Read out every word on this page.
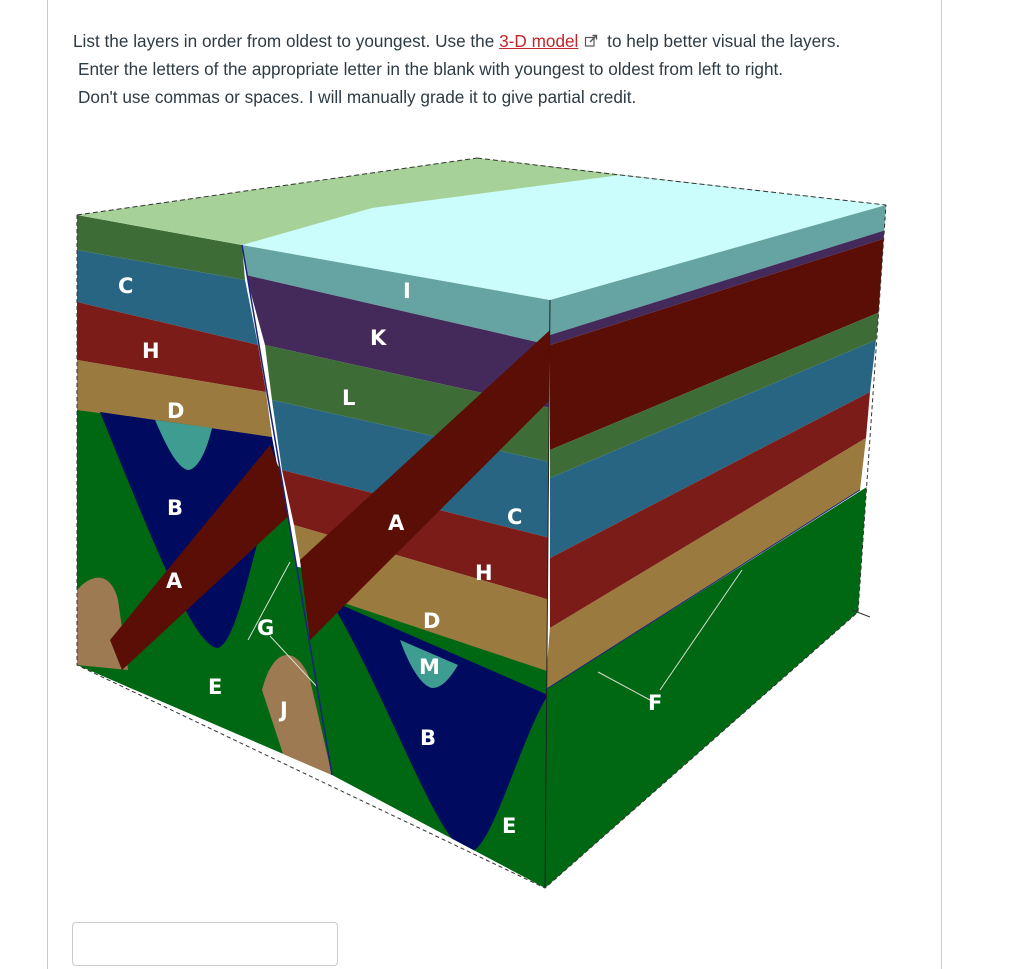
List the layers in order from oldest to youngest. Use the 3-D model to help better visual the layers.

Enter the letters of the appropriate letter in the blank with youngest to oldest from left to right.

Don't use commas or spaces. I will manually grade it to give partial credit.

C
H
D
B
A
E
G
J
I
K
L
A
D
M
B
C
H
E
F
